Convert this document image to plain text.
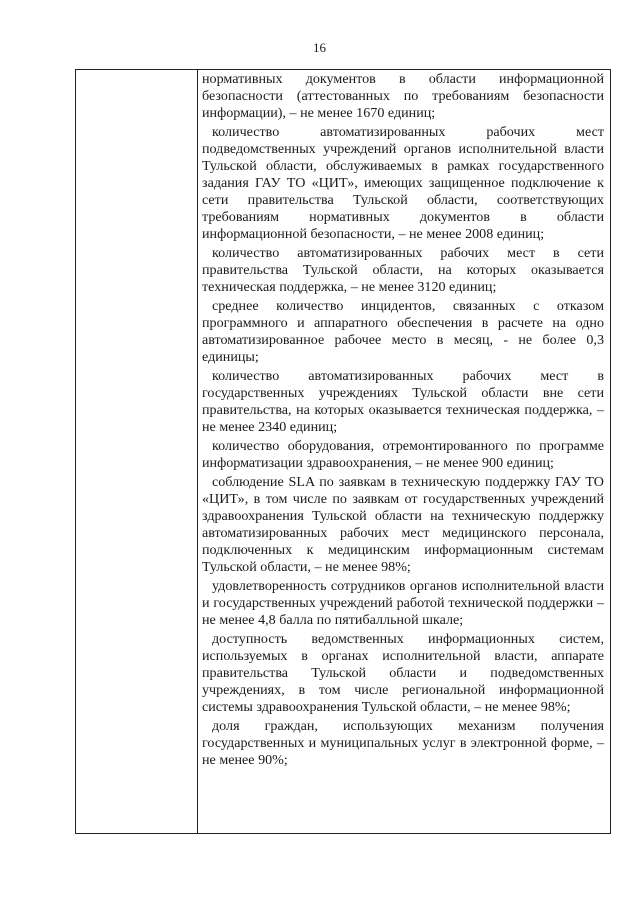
16

нормативных документов в области информационной безопасности (аттестованных по требованиям безопасности информации), – не менее 1670 единиц;

количество автоматизированных рабочих мест подведомственных учреждений органов исполнительной власти Тульской области, обслуживаемых в рамках государственного задания ГАУ ТО «ЦИТ», имеющих защищенное подключение к сети правительства Тульской области, соответствующих требованиям нормативных документов в области информационной безопасности, – не менее 2008 единиц;

количество автоматизированных рабочих мест в сети правительства Тульской области, на которых оказывается техническая поддержка, – не менее 3120 единиц;

среднее количество инцидентов, связанных с отказом программного и аппаратного обеспечения в расчете на одно автоматизированное рабочее место в месяц, - не более 0,3 единицы;

количество автоматизированных рабочих мест в государственных учреждениях Тульской области вне сети правительства, на которых оказывается техническая поддержка, – не менее 2340 единиц;

количество оборудования, отремонтированного по программе информатизации здравоохранения, – не менее 900 единиц;

соблюдение SLA по заявкам в техническую поддержку ГАУ ТО «ЦИТ», в том числе по заявкам от государственных учреждений здравоохранения Тульской области на техническую поддержку автоматизированных рабочих мест медицинского персонала, подключенных к медицинским информационным системам Тульской области, – не менее 98%;

удовлетворенность сотрудников органов исполнительной власти и государственных учреждений работой технической поддержки – не менее 4,8 балла по пятибалльной шкале;

доступность ведомственных информационных систем, используемых в органах исполнительной власти, аппарате правительства Тульской области и подведомственных учреждениях, в том числе региональной информационной системы здравоохранения Тульской области, – не менее 98%;

доля граждан, использующих механизм получения государственных и муниципальных услуг в электронной форме, – не менее 90%;
